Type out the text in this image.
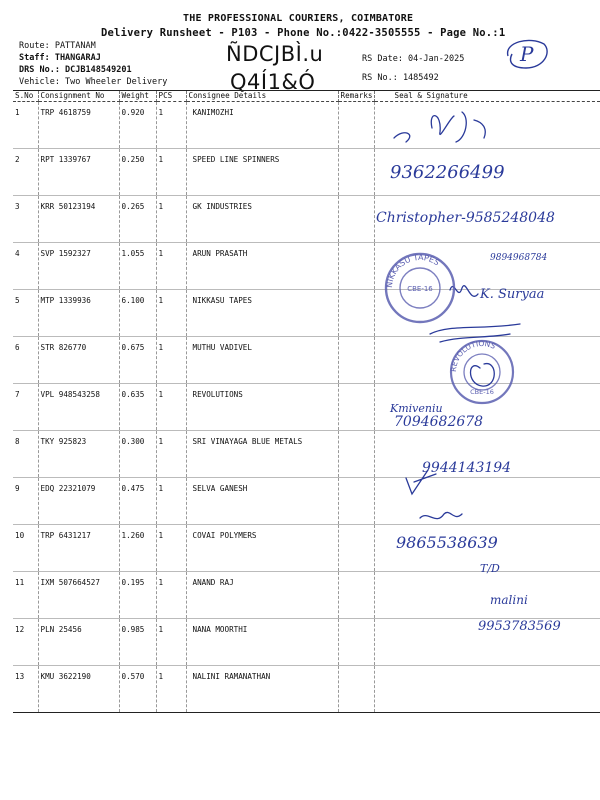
THE PROFESSIONAL COURIERS, COIMBATORE
Delivery Runsheet - P103 - Phone No.:0422-3505555 - Page No.:1
Route: PATTANAM
Staff: THANGARAJ
DRS No.: DCJB148549201
Vehicle: Two Wheeler Delivery
ÑDCJBÌ.u
Q4Í1&Ó
RS Date: 04-Jan-2025
RS No.: 1485492
P
S.No	Consignment No	Weight	PCS	Consignee Details	Remarks	Seal & Signature
1	TRP 4618759	0.920	1	KANIMOZHI		
2	RPT 1339767	0.250	1	SPEED LINE SPINNERS		
3	KRR 50123194	0.265	1	GK INDUSTRIES		
4	SVP 1592327	1.055	1	ARUN PRASATH		
5	MTP 1339936	6.100	1	NIKKASU TAPES		
6	STR 826770	0.675	1	MUTHU VADIVEL		
7	VPL 948543258	0.635	1	REVOLUTIONS		
8	TKY 925823	0.300	1	SRI VINAYAGA BLUE METALS		
9	EDQ 22321079	0.475	1	SELVA GANESH		
10	TRP 6431217	1.260	1	COVAI POLYMERS		
11	IXM 507664527	0.195	1	ANAND RAJ		
12	PLN 25456	0.985	1	NANA MOORTHI		
13	KMU 3622190	0.570	1	NALINI RAMANATHAN		
9362266499
Christopher-9585248048
9894968784
K. Suryaa
Kmiveniu
7094682678
9944143194
9865538639
T/D
malini
9953783569
NIKKASU TAPES
CBE-16
REVOLUTIONS
CBE-16
